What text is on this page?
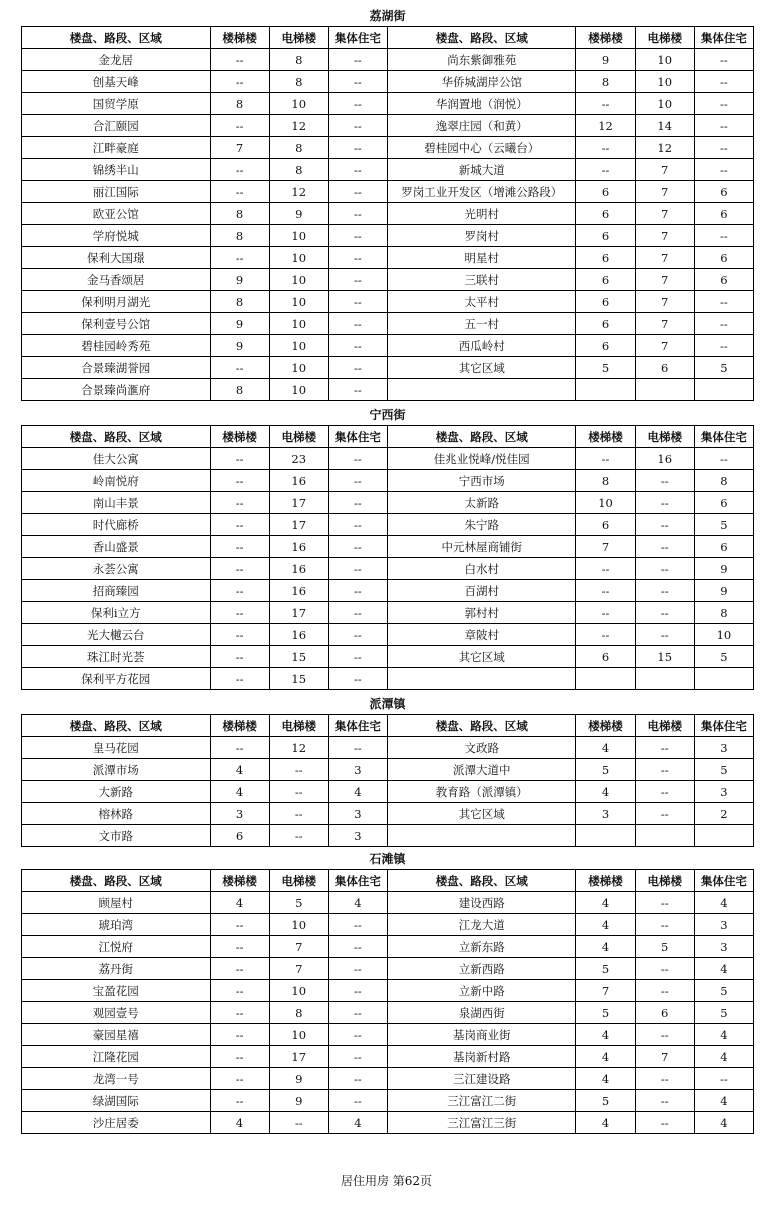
荔湖街
楼盘、路段、区域	楼梯楼	电梯楼	集体住宅	楼盘、路段、区域	楼梯楼	电梯楼	集体住宅
金龙居	--	8	--	尚东紫御雅苑	9	10	--
创基天峰	--	8	--	华侨城湖岸公馆	8	10	--
国贸学原	8	10	--	华润置地（润悦）	--	10	--
合汇颐园	--	12	--	逸翠庄园（和黄）	12	14	--
江畔豪庭	7	8	--	碧桂园中心（云曦台）	--	12	--
锦绣半山	--	8	--	新城大道	--	7	--
丽江国际	--	12	--	罗岗工业开发区（增滩公路段）	6	7	6
欧亚公馆	8	9	--	光明村	6	7	6
学府悦城	8	10	--	罗岗村	6	7	--
保利大国璟	--	10	--	明星村	6	7	6
金马香颂居	9	10	--	三联村	6	7	6
保利明月湖光	8	10	--	太平村	6	7	--
保利壹号公馆	9	10	--	五一村	6	7	--
碧桂园岭秀苑	9	10	--	西瓜岭村	6	7	--
合景臻湖誉园	--	10	--	其它区域	5	6	5
合景臻尚滙府	8	10	--				
宁西街
楼盘、路段、区域	楼梯楼	电梯楼	集体住宅	楼盘、路段、区域	楼梯楼	电梯楼	集体住宅
佳大公寓	--	23	--	佳兆业悦峰/悦佳园	--	16	--
岭南悦府	--	16	--	宁西市场	8	--	8
南山丰景	--	17	--	太新路	10	--	6
时代廊桥	--	17	--	朱宁路	6	--	5
香山盛景	--	16	--	中元林屋商铺街	7	--	6
永荟公寓	--	16	--	白水村	--	--	9
招商臻园	--	16	--	百湖村	--	--	9
保利i立方	--	17	--	郭村村	--	--	8
光大樾云台	--	16	--	章陂村	--	--	10
珠江时光荟	--	15	--	其它区域	6	15	5
保利平方花园	--	15	--				
派潭镇
楼盘、路段、区域	楼梯楼	电梯楼	集体住宅	楼盘、路段、区域	楼梯楼	电梯楼	集体住宅
皇马花园	--	12	--	文政路	4	--	3
派潭市场	4	--	3	派潭大道中	5	--	5
大新路	4	--	4	教育路（派潭镇）	4	--	3
榕林路	3	--	3	其它区域	3	--	2
文市路	6	--	3				
石滩镇
楼盘、路段、区域	楼梯楼	电梯楼	集体住宅	楼盘、路段、区域	楼梯楼	电梯楼	集体住宅
顾屋村	4	5	4	建设西路	4	--	4
琥珀湾	--	10	--	江龙大道	4	--	3
江悦府	--	7	--	立新东路	4	5	3
荔丹街	--	7	--	立新西路	5	--	4
宝盈花园	--	10	--	立新中路	7	--	5
观园壹号	--	8	--	泉湖西街	5	6	5
豪园星禧	--	10	--	基岗商业街	4	--	4
江隆花园	--	17	--	基岗新村路	4	7	4
龙湾一号	--	9	--	三江建设路	4	--	--
绿湖国际	--	9	--	三江富江二街	5	--	4
沙庄居委	4	--	4	三江富江三街	4	--	4
居住用房 第62页
